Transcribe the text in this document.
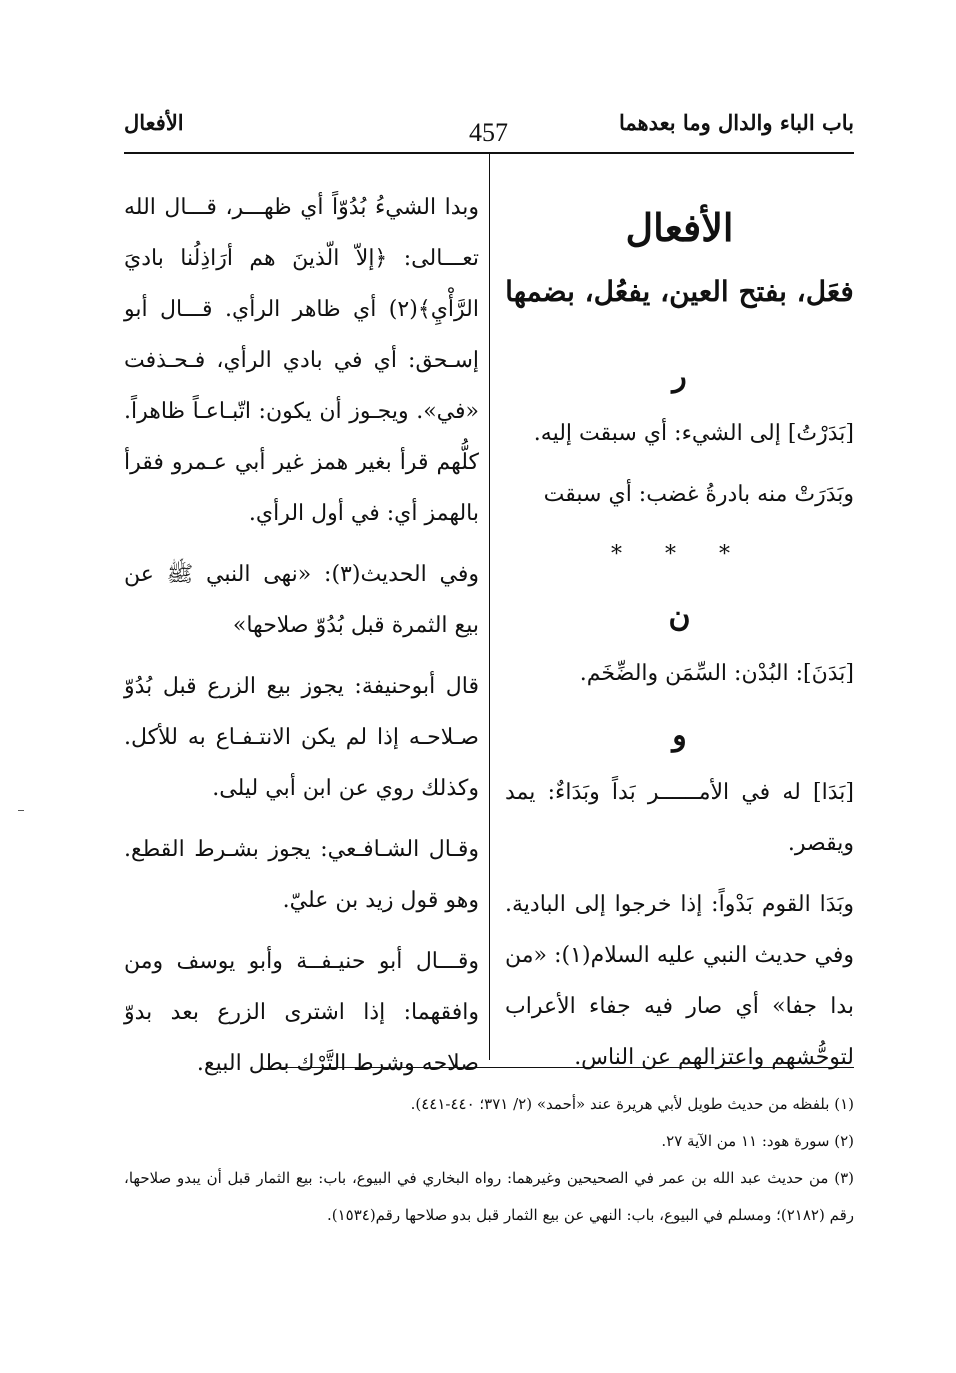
باب الباء والدال وما بعدهما
457
الأفعال
الأفعال
فعَل، بفتح العين، يفعُل، بضمها
ر

[بَدَرْتُ] إلى الشيء: أي سبقت إليه.

وبَدَرَتْ منه بادرةُ غضب: أي سبقت

* * *
ن

[بَدَنَ]: البُدْن: السِّمَن والضِّخَم.

و

[بَدَا] له في الأمــــــر بَداً وبَدَاءٌ: يمد ويقصر.

وبَدَا القوم بَدْواً: إذا خرجوا إلى البادية. وفي حديث النبي عليه السلام(١): «من بدا جفا» أي صار فيه جفاء الأعراب لتوحُّشهم واعتزالهم عن الناس.

وبدا الشيءُ بُدُوّاً أي ظهـــر، قـــال الله تعـــالى: ﴿إلاّ الّذينَ هم أرَاذِلُنا باديَ الرَّأْيِ﴾(٢) أي ظاهر الرأي. قـــال أبو إسـحق: أي في بادي الرأي، فـحـذفت «في». ويجـوز أن يكون: اتّبـاعـاً ظاهراً. كلُّهم قرأ بغير همز غير أبي عـمرو فقرأ بالهمز أي: في أول الرأي.

وفي الحديث(٣): «نهى النبي ﷺ عن بيع الثمرة قبل بُدُوّ صلاحها»

قال أبوحنيفة: يجوز بيع الزرع قبل بُدُوّ صـلاحـه إذا لم يكن الانتـفـاع به للأكل. وكذلك روي عن ابن أبي ليلى.

وقـال الشـافـعي: يجوز بشـرط القطع. وهو قول زيد بن عليّ.

وقـــال أبو حنيـفــة وأبو يوسف ومن وافقهما: إذا اشترى الزرع بعد بدوّ صلاحه وشرط التَّرْك بطل البيع.

(١) بلفظه من حديث طويل لأبي هريرة عند «أحمد» (٢/ ٣٧١؛ ٤٤٠-٤٤١).

(٢) سورة هود: ١١ من الآية ٢٧.

(٣) من حديث عبد الله بن عمر في الصحيحين وغيرهما: رواه البخاري في البيوع، باب: بيع الثمار قبل أن يبدو صلاحها، رقم (٢١٨٢)؛ ومسلم في البيوع، باب: النهي عن بيع الثمار قبل بدو صلاحها رقم(١٥٣٤).
